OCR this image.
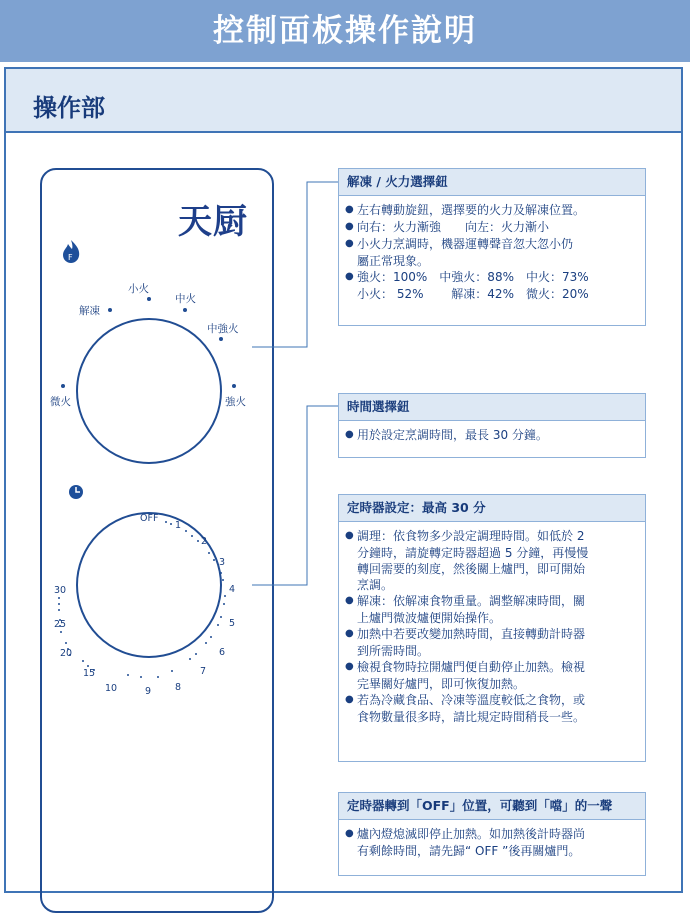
控制面板操作說明
操作部
天厨
F
微火
解凍
小火
中火
中強火
強火
OFF
1
2
3
4
5
6
7
8
9
10
15
20
25
30
解凍 / 火力選擇鈕
● 左右轉動旋鈕，選擇要的火力及解凍位置。
● 向右：火力漸強　　向左：火力漸小
● 小火力烹調時，機器運轉聲音忽大忽小仍
屬正常現象。
● 強火：100%　中強火：88%　中火：73%
小火： 52%　　 解凍：42%　微火：20%
時間選擇鈕
● 用於設定烹調時間，最長 30 分鐘。
定時器設定：最高 30 分
● 調理：依食物多少設定調理時間。如低於 2
分鐘時，請旋轉定時器超過 5 分鐘，再慢慢
轉回需要的刻度，然後關上爐門，即可開始
烹調。
● 解凍：依解凍食物重量。調整解凍時間，關
上爐門微波爐便開始操作。
● 加熱中若要改變加熱時間，直接轉動計時器
到所需時間。
● 檢視食物時拉開爐門便自動停止加熱。檢視
完畢關好爐門，即可恢復加熱。
● 若為冷藏食品、冷凍等溫度較低之食物，或
食物數量很多時，請比規定時間稍長一些。
定時器轉到「OFF」位置，可聽到「噹」的一聲
● 爐內燈熄滅即停止加熱。如加熱後計時器尚
有剩餘時間，請先歸“ OFF ”後再關爐門。
